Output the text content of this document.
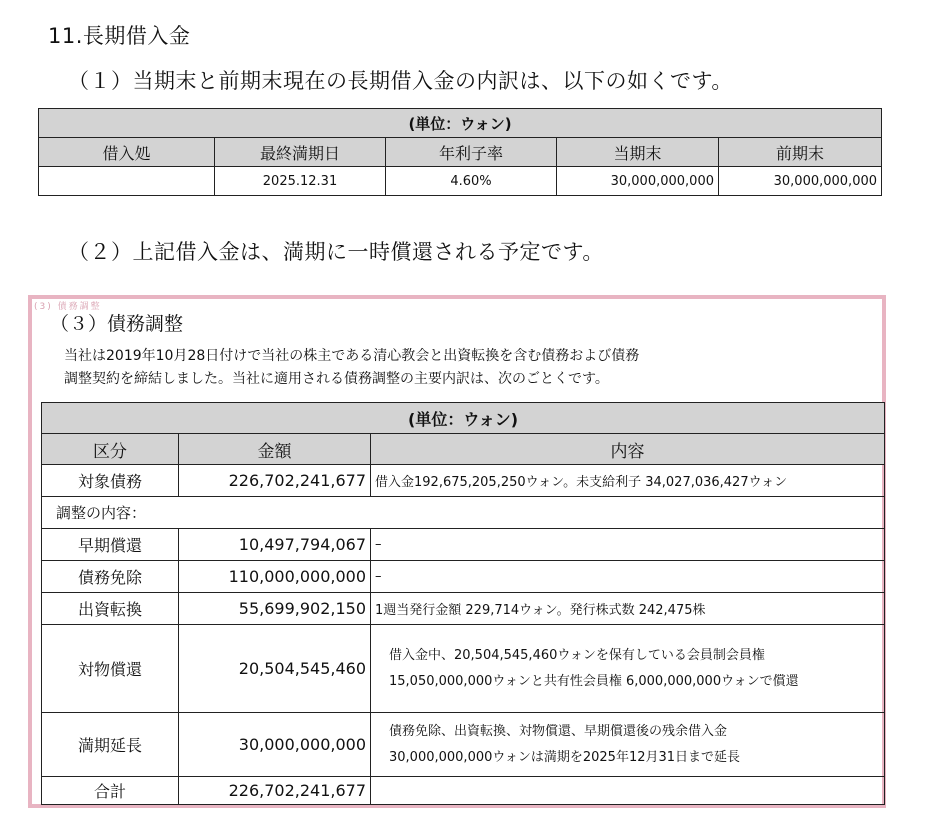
11.長期借入金
（１）当期末と前期末現在の長期借入金の内訳は、以下の如くです。
(単位：ウォン)				
借入処	最終満期日	年利子率	当期末	前期末
	2025.12.31	4.60%	30,000,000,000	30,000,000,000
（２）上記借入金は、満期に一時償還される予定です。
(3) 債務調整
（３）債務調整
当社は2019年10月28日付けで当社の株主である清心教会と出資転換を含む債務および債務
調整契約を締結しました。当社に適用される債務調整の主要内訳は、次のごとくです。
(単位：ウォン)		
区分	金額	内容
対象債務	226,702,241,677	借入金192,675,205,250ウォン。未支給利子 34,027,036,427ウォン
調整の内容：		
早期償還	10,497,794,067	–
債務免除	110,000,000,000	–
出資転換	55,699,902,150	1週当発行金額 229,714ウォン。発行株式数 242,475株
対物償還	20,504,545,460	借入金中、20,504,545,460ウォンを保有している会員制会員権
15,050,000,000ウォンと共有性会員権 6,000,000,000ウォンで償還

満期延長	30,000,000,000	債務免除、出資転換、対物償還、早期償還後の残余借入金
30,000,000,000ウォンは満期を2025年12月31日まで延長

合計	226,702,241,677	
